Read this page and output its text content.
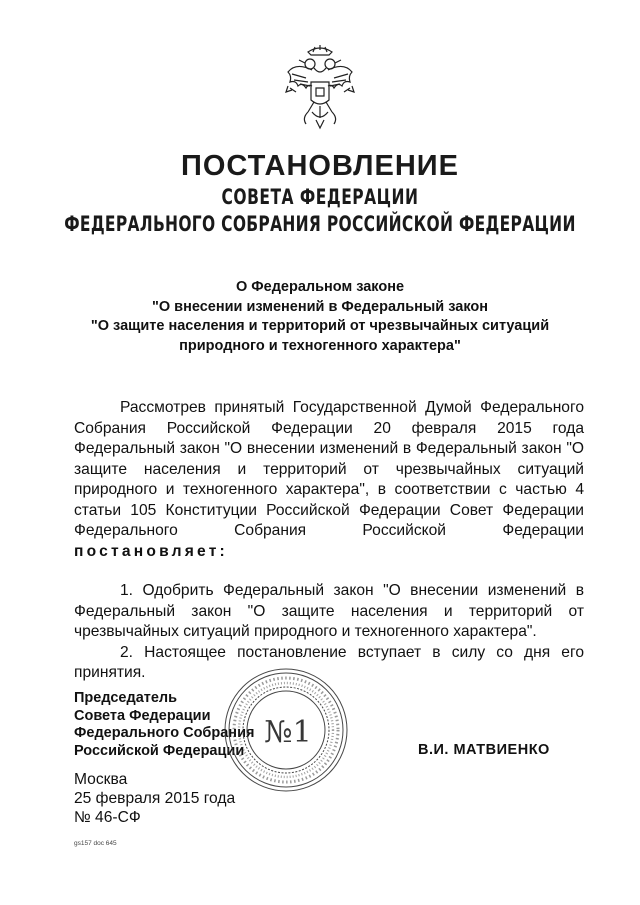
ПОСТАНОВЛЕНИЕ
СОВЕТА ФЕДЕРАЦИИ
ФЕДЕРАЛЬНОГО СОБРАНИЯ РОССИЙСКОЙ ФЕДЕРАЦИИ
О Федеральном законе
"О внесении изменений в Федеральный закон
"О защите населения и территорий от чрезвычайных ситуаций
природного и техногенного характера"
Рассмотрев принятый Государственной Думой Федерального Собрания Российской Федерации 20 февраля 2015 года Федеральный закон "О внесении изменений в Федеральный закон "О защите населения и территорий от чрезвычайных ситуаций природного и техногенного характера", в соответствии с частью 4 статьи 105 Конституции Российской Федерации Совет Федерации Федерального Собрания Российской Федерации постановляет:
1. Одобрить Федеральный закон "О внесении изменений в Федеральный закон "О защите населения и территорий от чрезвычайных ситуаций природного и техногенного характера".
2. Настоящее постановление вступает в силу со дня его принятия.
Председатель
Совета Федерации
Федерального Собрания
Российской Федерации
№1	В.И. МАТВИЕНКО
Москва
25 февраля 2015 года
№ 46-СФ
gs157 doc 645
